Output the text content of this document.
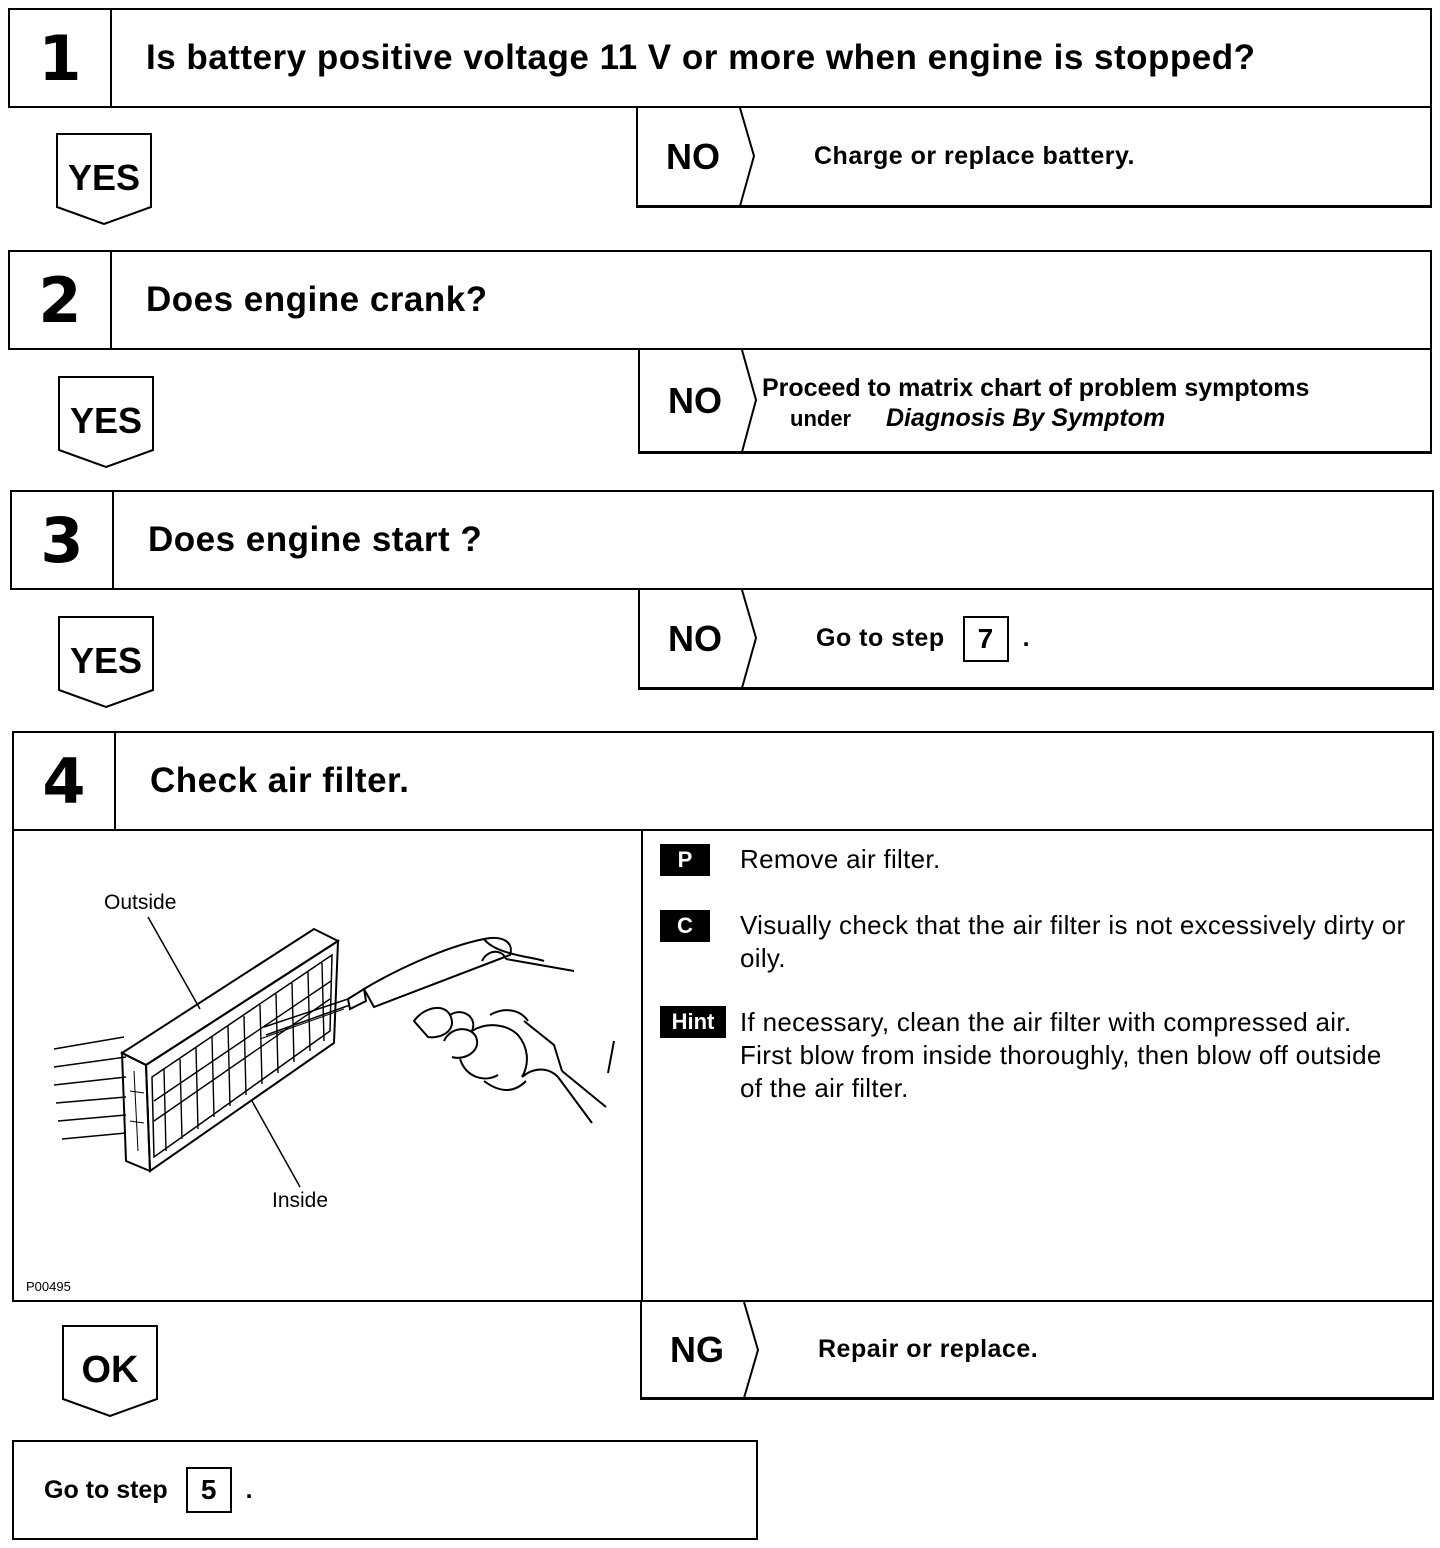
1	Is battery positive voltage 11 V or more when engine is stopped?
YES
NO	Charge or replace battery.
2	Does engine crank?
YES	NO Proceed to matrix chart of problem symptoms
under Diagnosis By Symptom
3	Does engine start ?
YES
NO	Go to step	7	.
4	Check air filter.
Outside
Inside
P00495
P	Remove air filter.
C	Visually check that the air filter is not excessively dirty or oily.
Hint If necessary, clean the air filter with compressed air. First blow from inside thoroughly, then blow off outside of the air filter.
OK	NG	Repair or replace.
Go to step	5	.
